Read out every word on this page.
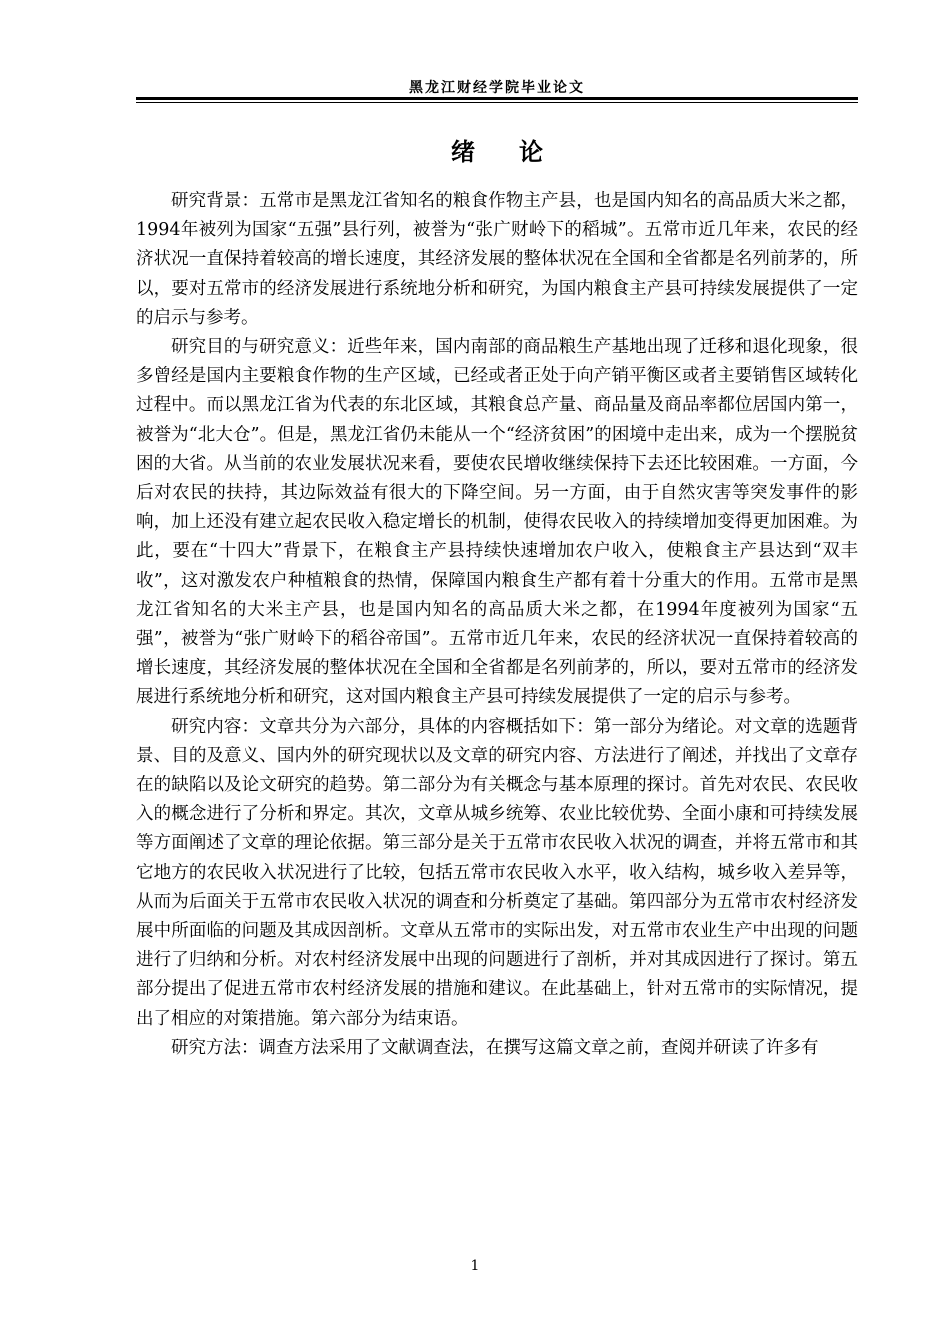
黑龙江财经学院毕业论文
绪论

研究背景：五常市是黑龙江省知名的粮食作物主产县，也是国内知名的高品质大米之都，1994年被列为国家“五强”县行列，被誉为“张广财岭下的稻城”。五常市近几年来，农民的经济状况一直保持着较高的增长速度，其经济发展的整体状况在全国和全省都是名列前茅的，所以，要对五常市的经济发展进行系统地分析和研究，为国内粮食主产县可持续发展提供了一定的启示与参考。

研究目的与研究意义：近些年来，国内南部的商品粮生产基地出现了迁移和退化现象，很多曾经是国内主要粮食作物的生产区域，已经或者正处于向产销平衡区或者主要销售区域转化过程中。而以黑龙江省为代表的东北区域，其粮食总产量、商品量及商品率都位居国内第一，被誉为“北大仓”。但是，黑龙江省仍未能从一个“经济贫困”的困境中走出来，成为一个摆脱贫困的大省。从当前的农业发展状况来看，要使农民增收继续保持下去还比较困难。一方面，今后对农民的扶持，其边际效益有很大的下降空间。另一方面，由于自然灾害等突发事件的影响，加上还没有建立起农民收入稳定增长的机制，使得农民收入的持续增加变得更加困难。为此，要在“十四大”背景下，在粮食主产县持续快速增加农户收入，使粮食主产县达到“双丰收”，这对激发农户种植粮食的热情，保障国内粮食生产都有着十分重大的作用。五常市是黑龙江省知名的大米主产县，也是国内知名的高品质大米之都，在1994年度被列为国家“五强”，被誉为“张广财岭下的稻谷帝国”。五常市近几年来，农民的经济状况一直保持着较高的增长速度，其经济发展的整体状况在全国和全省都是名列前茅的，所以，要对五常市的经济发展进行系统地分析和研究，这对国内粮食主产县可持续发展提供了一定的启示与参考。

研究内容：文章共分为六部分，具体的内容概括如下：第一部分为绪论。对文章的选题背景、目的及意义、国内外的研究现状以及文章的研究内容、方法进行了阐述，并找出了文章存在的缺陷以及论文研究的趋势。第二部分为有关概念与基本原理的探讨。首先对农民、农民收入的概念进行了分析和界定。其次，文章从城乡统筹、农业比较优势、全面小康和可持续发展等方面阐述了文章的理论依据。第三部分是关于五常市农民收入状况的调查，并将五常市和其它地方的农民收入状况进行了比较，包括五常市农民收入水平，收入结构，城乡收入差异等，从而为后面关于五常市农民收入状况的调查和分析奠定了基础。第四部分为五常市农村经济发展中所面临的问题及其成因剖析。文章从五常市的实际出发，对五常市农业生产中出现的问题进行了归纳和分析。对农村经济发展中出现的问题进行了剖析，并对其成因进行了探讨。第五部分提出了促进五常市农村经济发展的措施和建议。在此基础上，针对五常市的实际情况，提出了相应的对策措施。第六部分为结束语。

研究方法：调查方法采用了文献调查法，在撰写这篇文章之前，查阅并研读了许多有

1
